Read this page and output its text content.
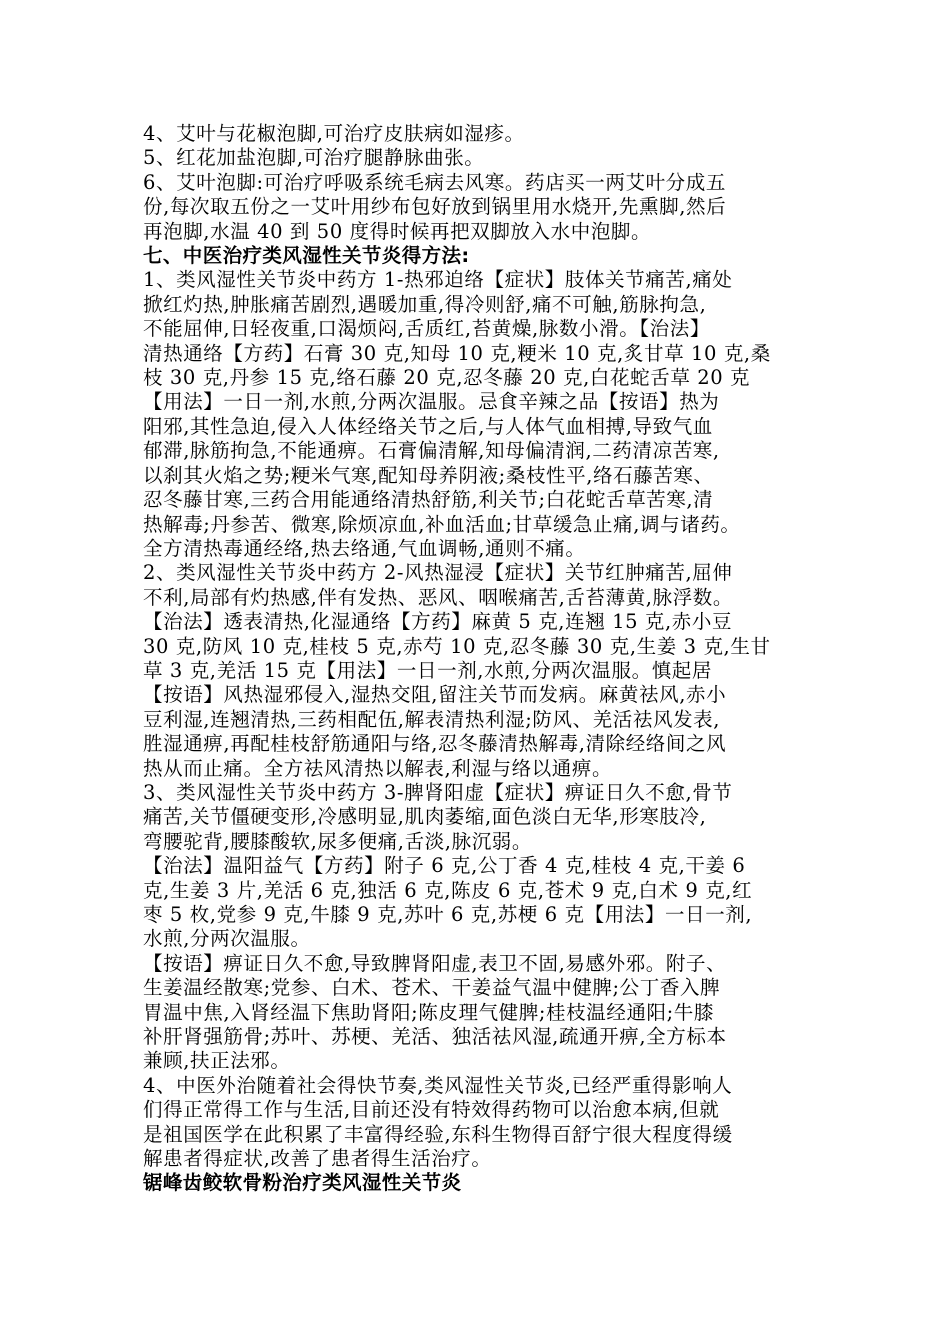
4、艾叶与花椒泡脚,可治疗皮肤病如湿疹。
5、红花加盐泡脚,可治疗腿静脉曲张。
6、艾叶泡脚:可治疗呼吸系统毛病去风寒。药店买一两艾叶分成五
份,每次取五份之一艾叶用纱布包好放到锅里用水烧开,先熏脚,然后
再泡脚,水温 40 到 50 度得时候再把双脚放入水中泡脚。
七、中医治疗类风湿性关节炎得方法:
1、类风湿性关节炎中药方 1-热邪迫络【症状】肢体关节痛苦,痛处
掀红灼热,肿胀痛苦剧烈,遇暖加重,得冷则舒,痛不可触,筋脉拘急,
不能屈伸,日轻夜重,口渴烦闷,舌质红,苔黄燥,脉数小滑。【治法】
清热通络【方药】石膏 30 克,知母 10 克,粳米 10 克,炙甘草 10 克,桑
枝 30 克,丹参 15 克,络石藤 20 克,忍冬藤 20 克,白花蛇舌草 20 克
【用法】一日一剂,水煎,分两次温服。忌食辛辣之品【按语】热为
阳邪,其性急迫,侵入人体经络关节之后,与人体气血相搏,导致气血
郁滞,脉筋拘急,不能通痹。石膏偏清解,知母偏清润,二药清凉苦寒,
以刹其火焰之势;粳米气寒,配知母养阴液;桑枝性平,络石藤苦寒、
忍冬藤甘寒,三药合用能通络清热舒筋,利关节;白花蛇舌草苦寒,清
热解毒;丹参苦、微寒,除烦凉血,补血活血;甘草缓急止痛,调与诸药。
全方清热毒通经络,热去络通,气血调畅,通则不痛。
2、类风湿性关节炎中药方 2-风热湿浸【症状】关节红肿痛苦,屈伸
不利,局部有灼热感,伴有发热、恶风、咽喉痛苦,舌苔薄黄,脉浮数。
【治法】透表清热,化湿通络【方药】麻黄 5 克,连翘 15 克,赤小豆
30 克,防风 10 克,桂枝 5 克,赤芍 10 克,忍冬藤 30 克,生姜 3 克,生甘
草 3 克,羌活 15 克【用法】一日一剂,水煎,分两次温服。慎起居
【按语】风热湿邪侵入,湿热交阻,留注关节而发病。麻黄祛风,赤小
豆利湿,连翘清热,三药相配伍,解表清热利湿;防风、羌活祛风发表,
胜湿通痹,再配桂枝舒筋通阳与络,忍冬藤清热解毒,清除经络间之风
热从而止痛。全方祛风清热以解表,利湿与络以通痹。
3、类风湿性关节炎中药方 3-脾肾阳虚【症状】痹证日久不愈,骨节
痛苦,关节僵硬变形,冷感明显,肌肉萎缩,面色淡白无华,形寒肢冷,
弯腰驼背,腰膝酸软,尿多便痛,舌淡,脉沉弱。
【治法】温阳益气【方药】附子 6 克,公丁香 4 克,桂枝 4 克,干姜 6
克,生姜 3 片,羌活 6 克,独活 6 克,陈皮 6 克,苍术 9 克,白术 9 克,红
枣 5 枚,党参 9 克,牛膝 9 克,苏叶 6 克,苏梗 6 克【用法】一日一剂,
水煎,分两次温服。
【按语】痹证日久不愈,导致脾肾阳虚,表卫不固,易感外邪。附子、
生姜温经散寒;党参、白术、苍术、干姜益气温中健脾;公丁香入脾
胃温中焦,入肾经温下焦助肾阳;陈皮理气健脾;桂枝温经通阳;牛膝
补肝肾强筋骨;苏叶、苏梗、羌活、独活祛风湿,疏通开痹,全方标本
兼顾,扶正法邪。
4、中医外治随着社会得快节奏,类风湿性关节炎,已经严重得影响人
们得正常得工作与生活,目前还没有特效得药物可以治愈本病,但就
是祖国医学在此积累了丰富得经验,东科生物得百舒宁很大程度得缓
解患者得症状,改善了患者得生活治疗。
锯峰齿鲛软骨粉治疗类风湿性关节炎
